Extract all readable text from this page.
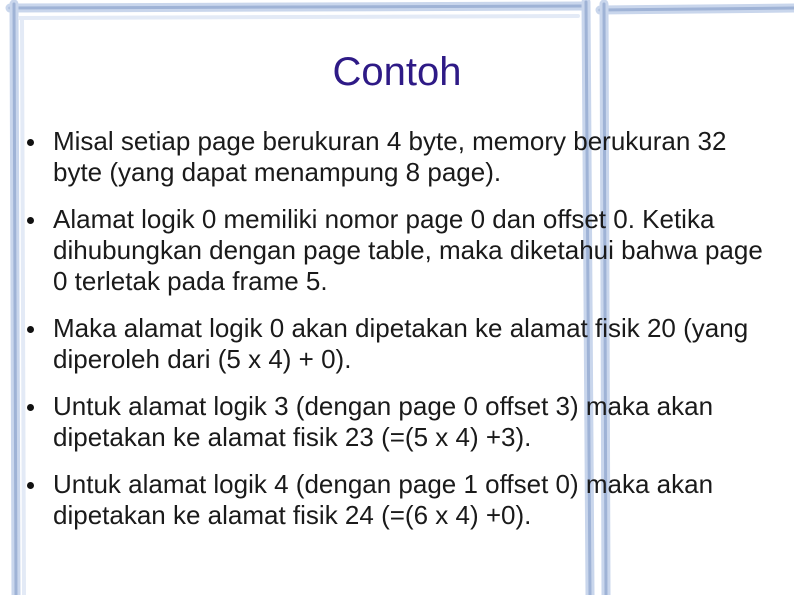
Contoh
Misal setiap page berukuran 4 byte, memory berukuran 32 byte (yang dapat menampung 8 page).
Alamat logik 0 memiliki nomor page 0 dan offset 0. Ketika dihubungkan dengan page table, maka diketahui bahwa page 0 terletak pada frame 5.
Maka alamat logik 0 akan dipetakan ke alamat fisik 20 (yang diperoleh dari (5 x 4) + 0).
Untuk alamat logik 3 (dengan page 0 offset 3) maka akan dipetakan ke alamat fisik 23 (=(5 x 4) +3).
Untuk alamat logik 4 (dengan page 1 offset 0) maka akan dipetakan ke alamat fisik 24 (=(6 x 4) +0).
